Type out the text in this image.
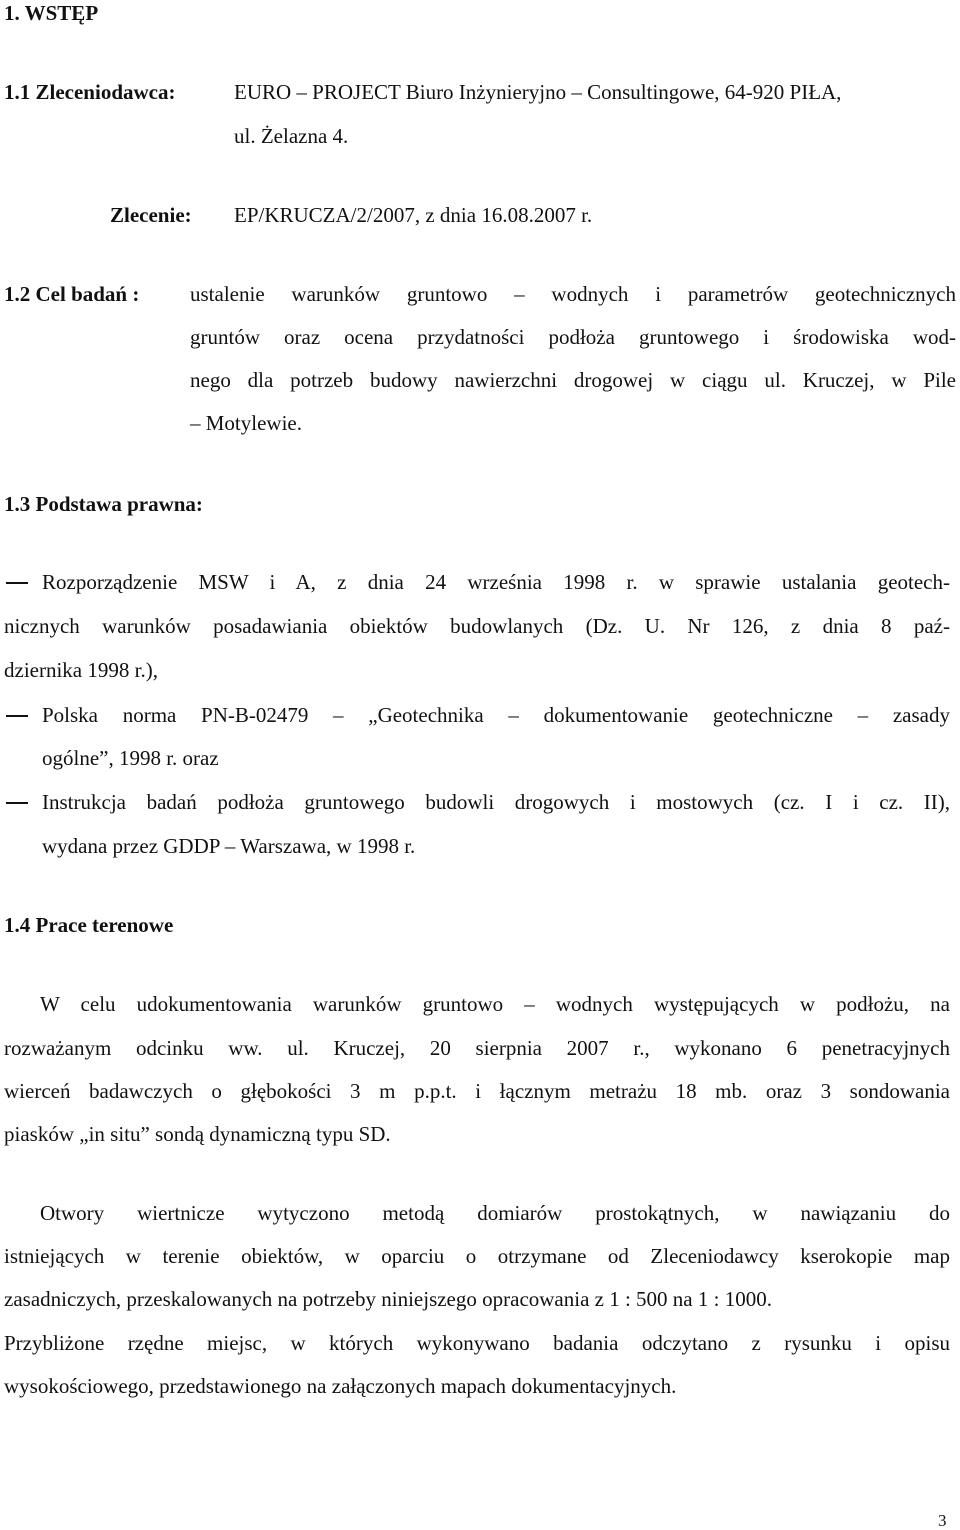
1. WSTĘP
1.1 Zleceniodawca:	EURO – PROJECT Biuro Inżynieryjno – Consultingowe, 64-920 PIŁA,
ul. Żelazna 4.
Zlecenie: EP/KRUCZA/2/2007, z dnia 16.08.2007 r.
1.2 Cel badań : ustalenie warunków gruntowo – wodnych i parametrów geotechnicznych
gruntów oraz ocena przydatności podłoża gruntowego i środowiska wod-
nego dla potrzeb budowy nawierzchni drogowej w ciągu ul. Kruczej, w Pile
– Motylewie.
1.3 Podstawa prawna:
Rozporządzenie MSW i A, z dnia 24 września 1998 r. w sprawie ustalania geotech-
nicznych warunków posadawiania obiektów budowlanych (Dz. U. Nr 126, z dnia 8 paź-
dziernika 1998 r.),
Polska norma PN-B-02479 – „Geotechnika – dokumentowanie geotechniczne – zasady
ogólne”, 1998 r. oraz
Instrukcja badań podłoża gruntowego budowli drogowych i mostowych (cz. I i cz. II),
wydana przez GDDP – Warszawa, w 1998 r.
1.4 Prace terenowe
W celu udokumentowania warunków gruntowo – wodnych występujących w podłożu, na
rozważanym odcinku ww. ul. Kruczej, 20 sierpnia 2007 r., wykonano 6 penetracyjnych
wierceń badawczych o głębokości 3 m p.p.t. i łącznym metrażu 18 mb. oraz 3 sondowania
piasków „in situ” sondą dynamiczną typu SD.
Otwory wiertnicze wytyczono metodą domiarów prostokątnych, w nawiązaniu do
istniejących w terenie obiektów, w oparciu o otrzymane od Zleceniodawcy kserokopie map
zasadniczych, przeskalowanych na potrzeby niniejszego opracowania z 1 : 500 na 1 : 1000.
Przybliżone rzędne miejsc, w których wykonywano badania odczytano z rysunku i opisu
wysokościowego, przedstawionego na załączonych mapach dokumentacyjnych.
3
